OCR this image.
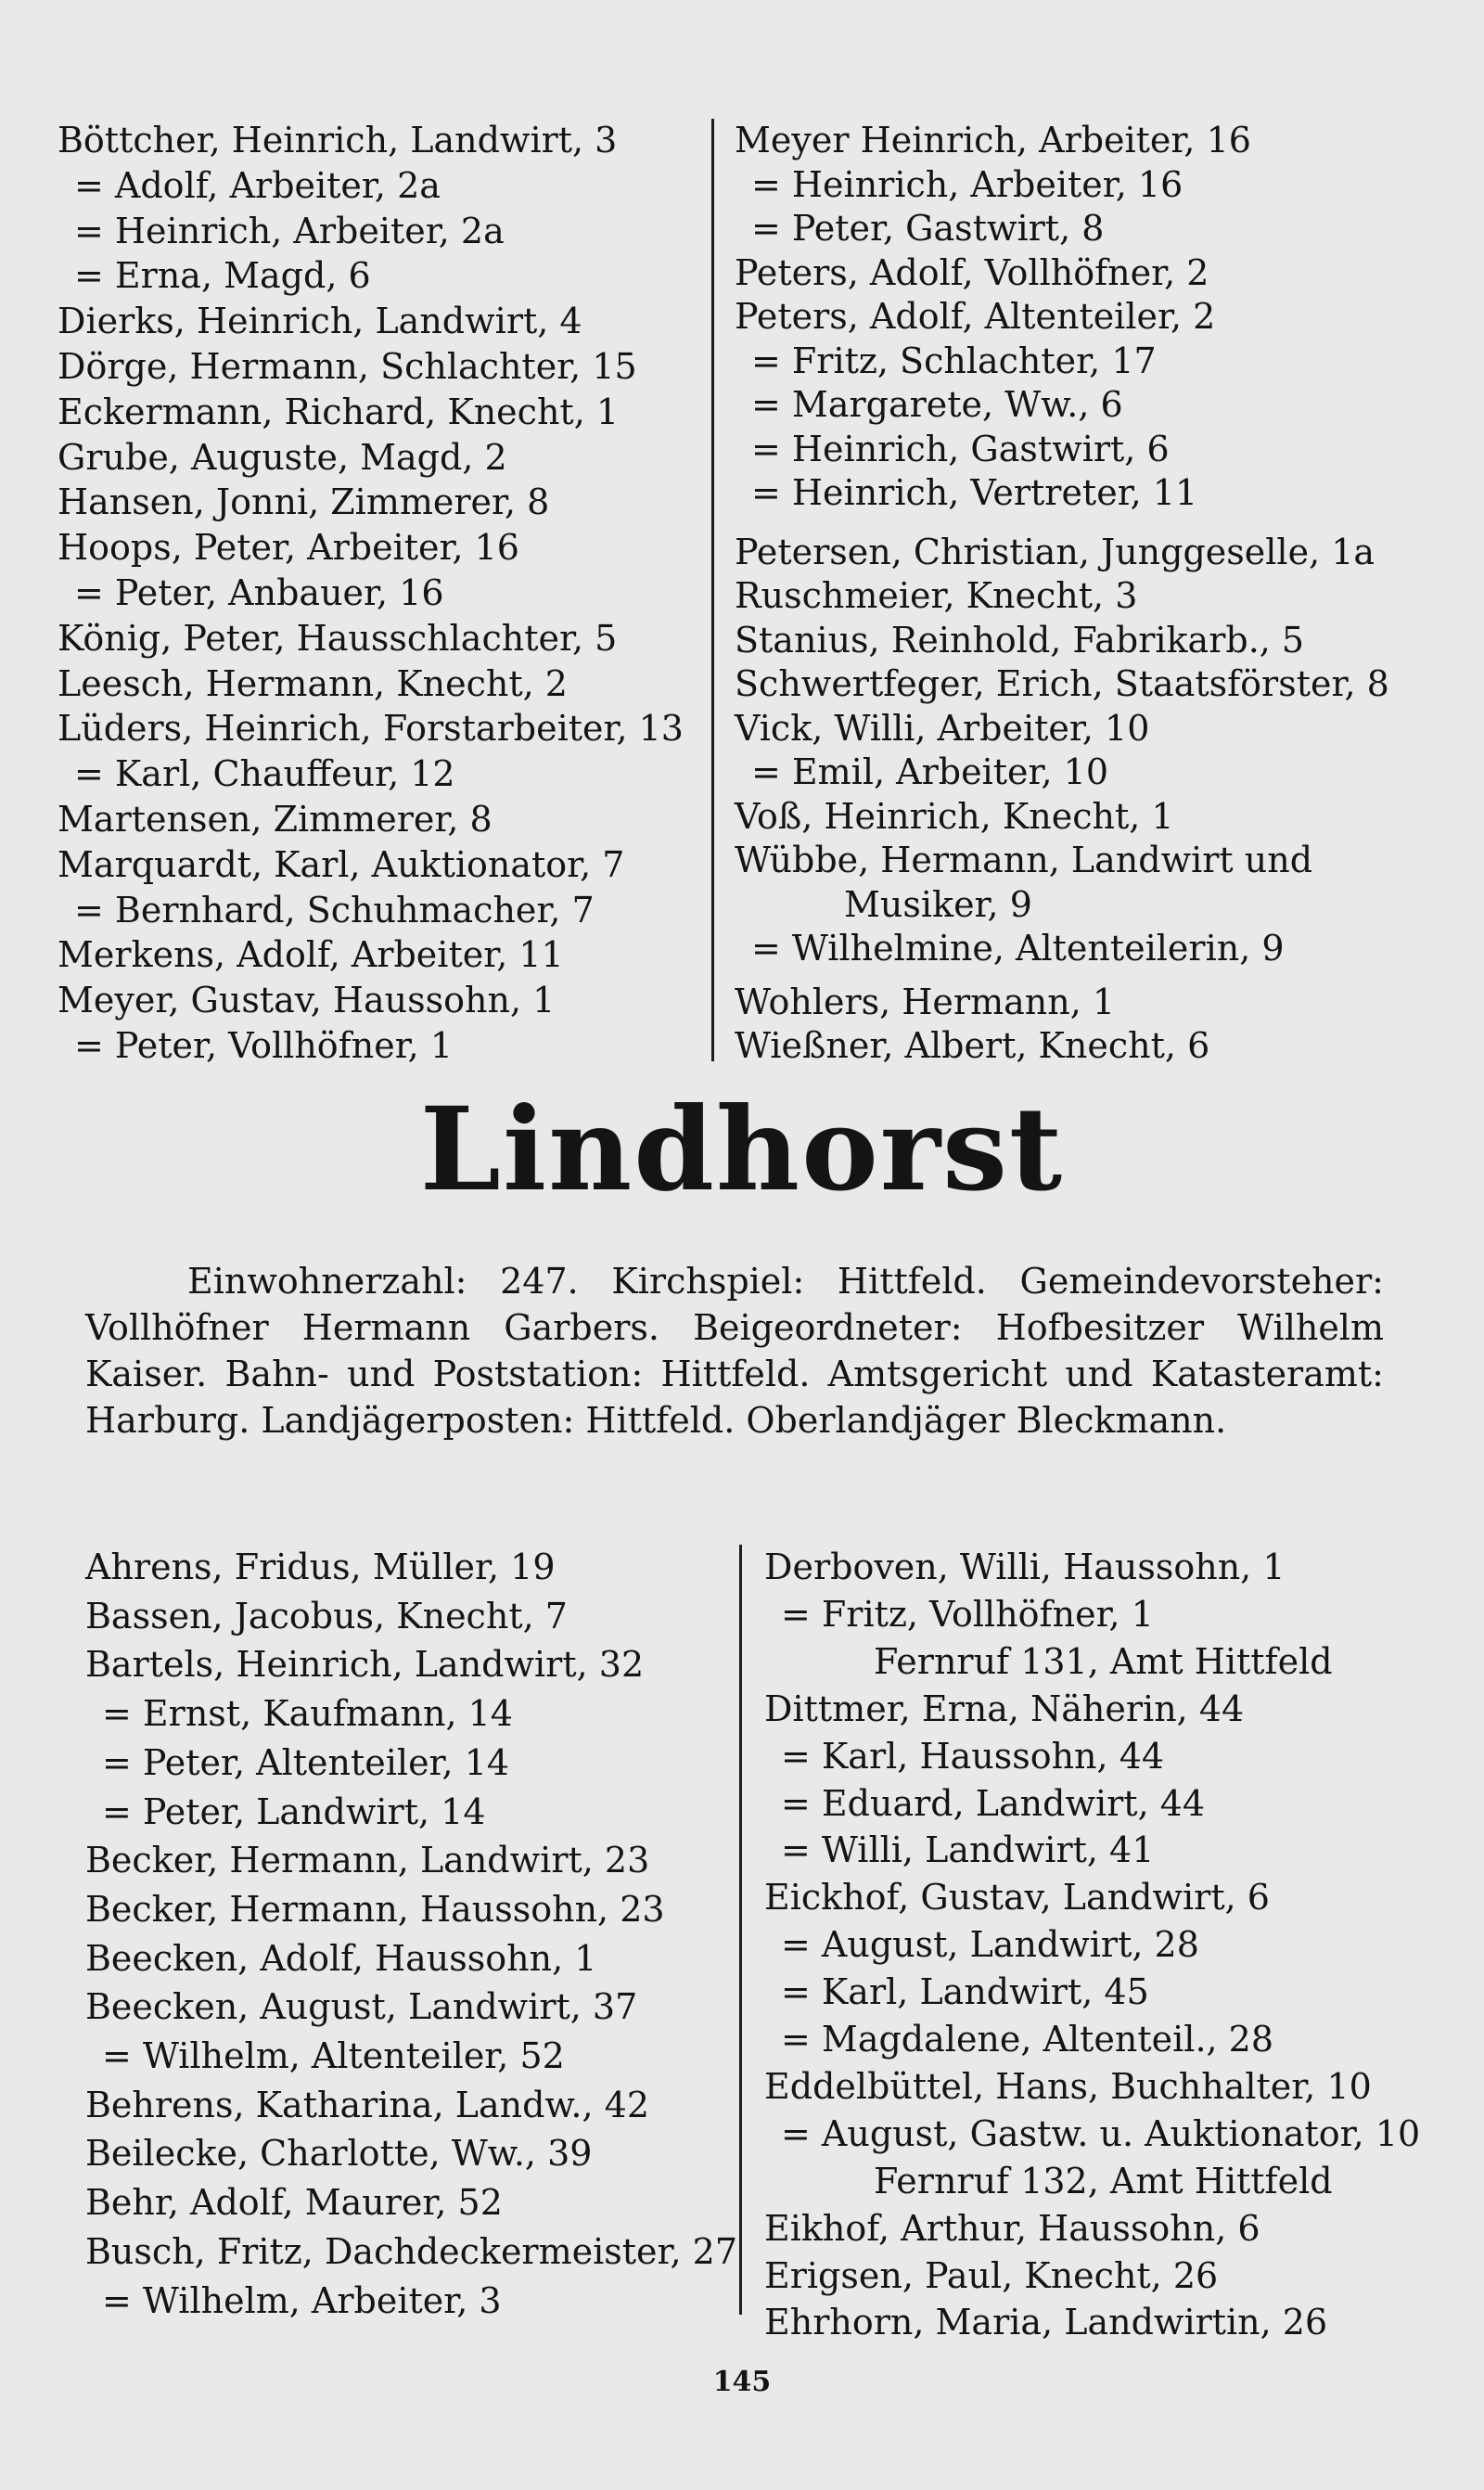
Böttcher, Heinrich, Landwirt, 3
= Adolf, Arbeiter, 2a
= Heinrich, Arbeiter, 2a
= Erna, Magd, 6
Dierks, Heinrich, Landwirt, 4
Dörge, Hermann, Schlachter, 15
Eckermann, Richard, Knecht, 1
Grube, Auguste, Magd, 2
Hansen, Jonni, Zimmerer, 8
Hoops, Peter, Arbeiter, 16
= Peter, Anbauer, 16
König, Peter, Hausschlachter, 5
Leesch, Hermann, Knecht, 2
Lüders, Heinrich, Forstarbeiter, 13
= Karl, Chauffeur, 12
Martensen, Zimmerer, 8
Marquardt, Karl, Auktionator, 7
= Bernhard, Schuhmacher, 7
Merkens, Adolf, Arbeiter, 11
Meyer, Gustav, Haussohn, 1
= Peter, Vollhöfner, 1
Meyer Heinrich, Arbeiter, 16
= Heinrich, Arbeiter, 16
= Peter, Gastwirt, 8
Peters, Adolf, Vollhöfner, 2
Peters, Adolf, Altenteiler, 2
= Fritz, Schlachter, 17
= Margarete, Ww., 6
= Heinrich, Gastwirt, 6
= Heinrich, Vertreter, 11
Petersen, Christian, Junggeselle, 1a
Ruschmeier, Knecht, 3
Stanius, Reinhold, Fabrikarb., 5
Schwertfeger, Erich, Staatsförster, 8
Vick, Willi, Arbeiter, 10
= Emil, Arbeiter, 10
Voß, Heinrich, Knecht, 1
Wübbe, Hermann, Landwirt und
Musiker, 9
= Wilhelmine, Altenteilerin, 9
Wohlers, Hermann, 1
Wießner, Albert, Knecht, 6
Lindhorst

Einwohnerzahl: 247. Kirchspiel: Hittfeld. Gemeindevorsteher: Vollhöfner Hermann Garbers. Beigeordneter: Hofbesitzer Wilhelm Kaiser. Bahn- und Poststation: Hittfeld. Amtsgericht und Katasteramt: Harburg. Landjägerposten: Hittfeld. Oberlandjäger Bleckmann.

Ahrens, Fridus, Müller, 19
Bassen, Jacobus, Knecht, 7
Bartels, Heinrich, Landwirt, 32
= Ernst, Kaufmann, 14
= Peter, Altenteiler, 14
= Peter, Landwirt, 14
Becker, Hermann, Landwirt, 23
Becker, Hermann, Haussohn, 23
Beecken, Adolf, Haussohn, 1
Beecken, August, Landwirt, 37
= Wilhelm, Altenteiler, 52
Behrens, Katharina, Landw., 42
Beilecke, Charlotte, Ww., 39
Behr, Adolf, Maurer, 52
Busch, Fritz, Dachdeckermeister, 27
= Wilhelm, Arbeiter, 3
Derboven, Willi, Haussohn, 1
= Fritz, Vollhöfner, 1
Fernruf 131, Amt Hittfeld
Dittmer, Erna, Näherin, 44
= Karl, Haussohn, 44
= Eduard, Landwirt, 44
= Willi, Landwirt, 41
Eickhof, Gustav, Landwirt, 6
= August, Landwirt, 28
= Karl, Landwirt, 45
= Magdalene, Altenteil., 28
Eddelbüttel, Hans, Buchhalter, 10
= August, Gastw. u. Auktionator, 10
Fernruf 132, Amt Hittfeld
Eikhof, Arthur, Haussohn, 6
Erigsen, Paul, Knecht, 26
Ehrhorn, Maria, Landwirtin, 26
145
